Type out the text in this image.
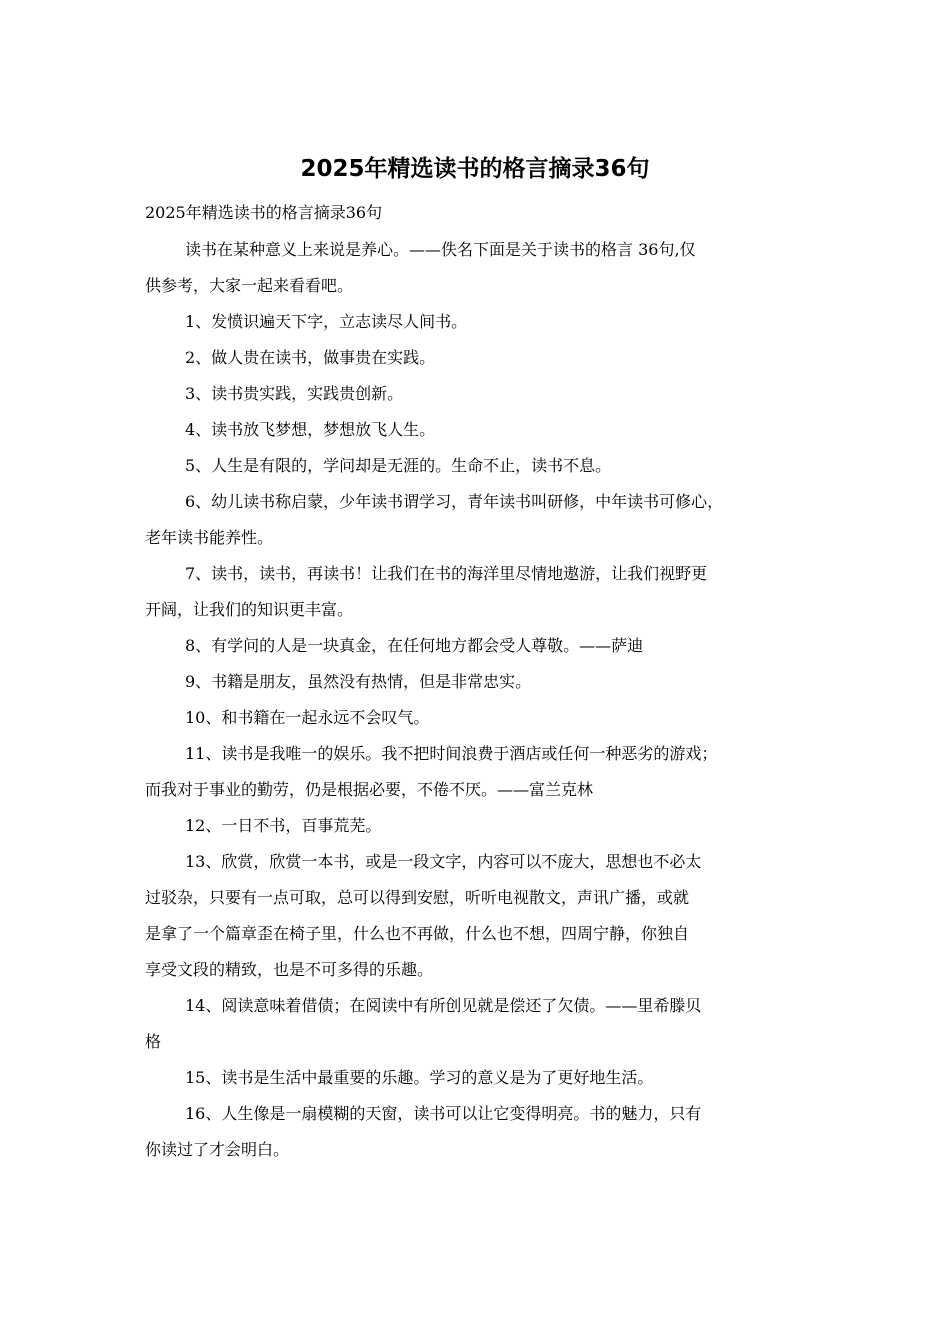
2025年精选读书的格言摘录36句

2025年精选读书的格言摘录36句

读书在某种意义上来说是养心。——佚名下面是关于读书的格言 36句,仅
供参考，大家一起来看看吧。

1、发愤识遍天下字，立志读尽人间书。

2、做人贵在读书，做事贵在实践。

3、读书贵实践，实践贵创新。

4、读书放飞梦想，梦想放飞人生。

5、人生是有限的，学问却是无涯的。生命不止，读书不息。

6、幼儿读书称启蒙，少年读书谓学习，青年读书叫研修，中年读书可修心，
老年读书能养性。

7、读书，读书，再读书！让我们在书的海洋里尽情地遨游，让我们视野更
开阔，让我们的知识更丰富。

8、有学问的人是一块真金，在任何地方都会受人尊敬。——萨迪

9、书籍是朋友，虽然没有热情，但是非常忠实。

10、和书籍在一起永远不会叹气。

11、读书是我唯一的娱乐。我不把时间浪费于酒店或任何一种恶劣的游戏；
而我对于事业的勤劳，仍是根据必要，不倦不厌。——富兰克林

12、一日不书，百事荒芜。

13、欣赏，欣赏一本书，或是一段文字，内容可以不庞大，思想也不必太
过驳杂，只要有一点可取，总可以得到安慰，听听电视散文，声讯广播，或就
是拿了一个篇章歪在椅子里，什么也不再做，什么也不想，四周宁静，你独自
享受文段的精致，也是不可多得的乐趣。

14、阅读意味着借债；在阅读中有所创见就是偿还了欠债。——里希滕贝
格

15、读书是生活中最重要的乐趣。学习的意义是为了更好地生活。

16、人生像是一扇模糊的天窗，读书可以让它变得明亮。书的魅力，只有
你读过了才会明白。
